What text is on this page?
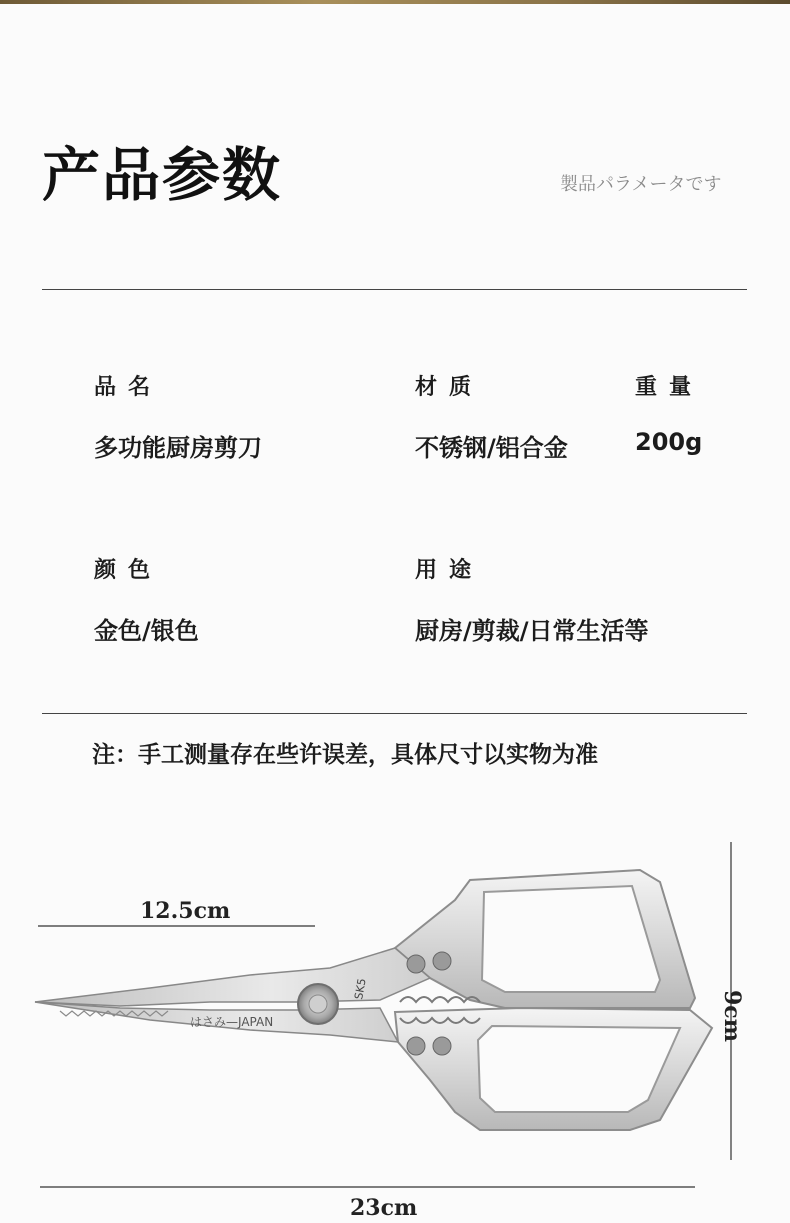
产品参数	製品パラメータです
品名	材质	重量
多功能厨房剪刀	不锈钢/铝合金	200g
颜色	用途
金色/银色	厨房/剪裁/日常生活等
注：手工测量存在些许误差，具体尺寸以实物为准
はさみ—JAPAN
SK5
12.5cm
23cm
9cm
